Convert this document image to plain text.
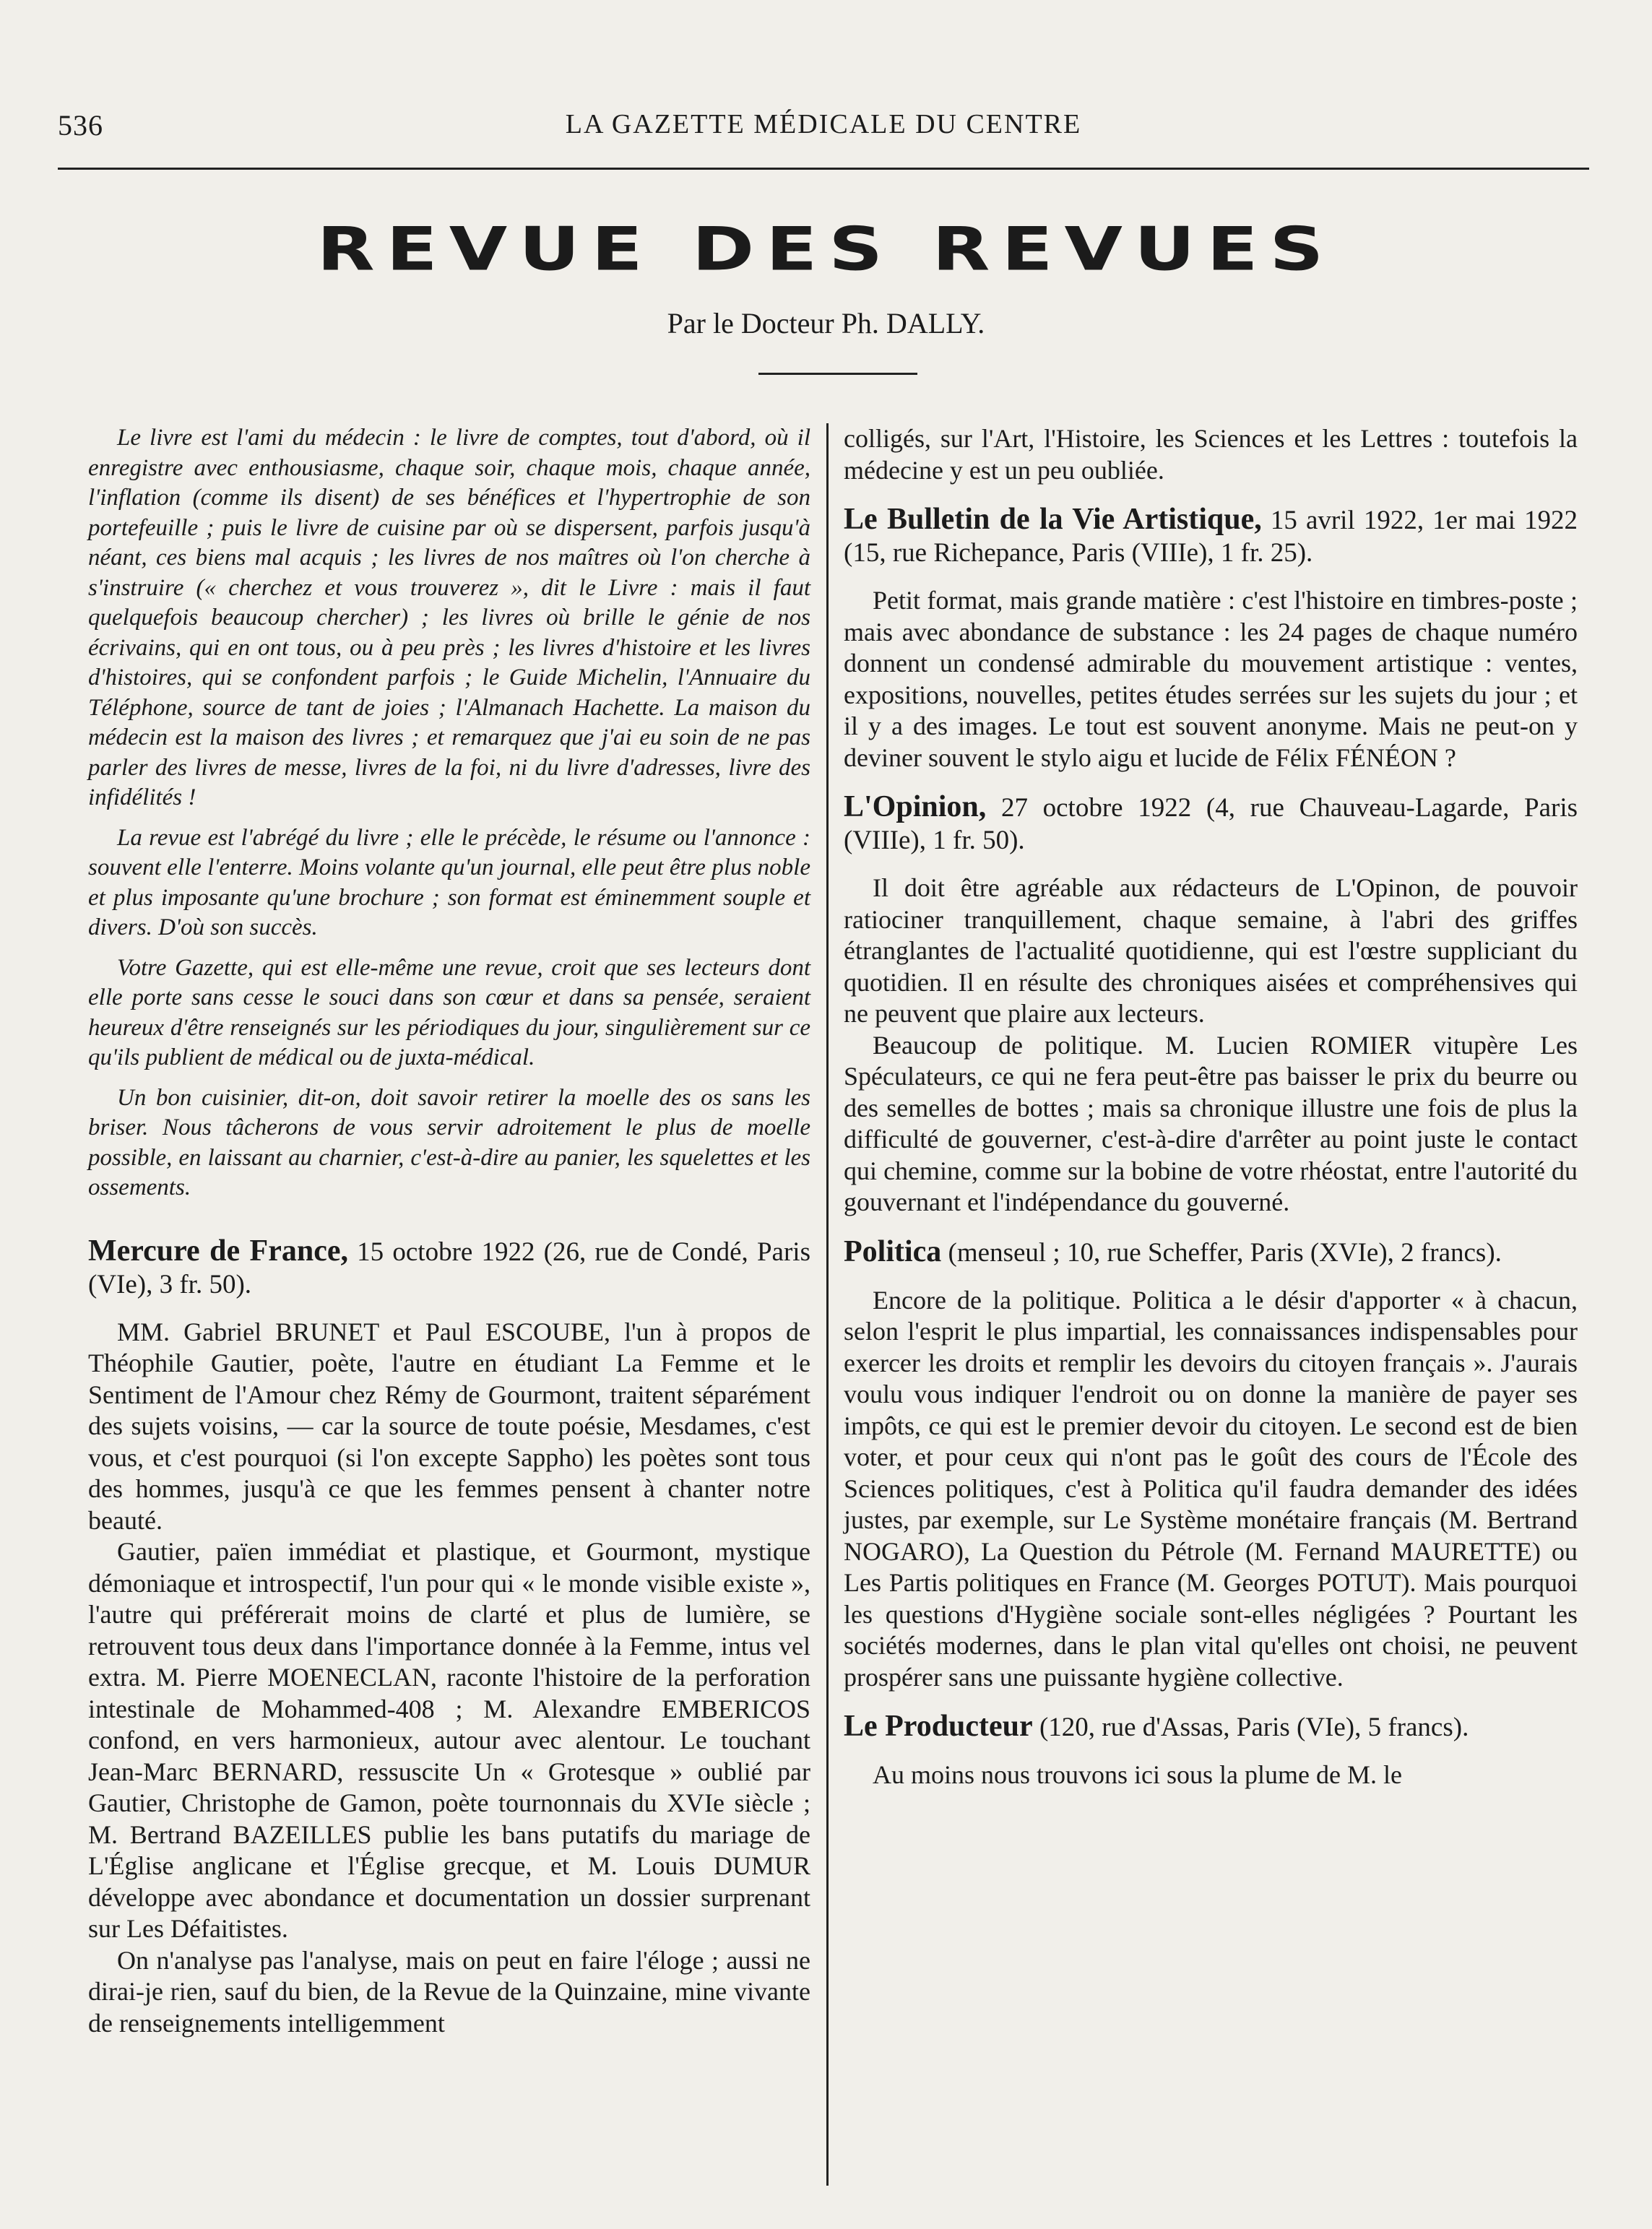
536	LA GAZETTE MÉDICALE DU CENTRE
REVUE DES REVUES
Par le Docteur Ph. DALLY.

Le livre est l'ami du médecin : le livre de comptes, tout d'abord, où il enregistre avec enthousiasme, chaque soir, chaque mois, chaque année, l'inflation (comme ils disent) de ses bénéfices et l'hypertrophie de son portefeuille ; puis le livre de cuisine par où se dispersent, parfois jusqu'à néant, ces biens mal acquis ; les livres de nos maîtres où l'on cherche à s'instruire (« cherchez et vous trouverez », dit le Livre : mais il faut quelquefois beaucoup chercher) ; les livres où brille le génie de nos écrivains, qui en ont tous, ou à peu près ; les livres d'histoire et les livres d'histoires, qui se confondent parfois ; le Guide Michelin, l'Annuaire du Téléphone, source de tant de joies ; l'Almanach Hachette. La maison du médecin est la maison des livres ; et remarquez que j'ai eu soin de ne pas parler des livres de messe, livres de la foi, ni du livre d'adresses, livre des infidélités !

La revue est l'abrégé du livre ; elle le précède, le résume ou l'annonce : souvent elle l'enterre. Moins volante qu'un journal, elle peut être plus noble et plus imposante qu'une brochure ; son format est éminemment souple et divers. D'où son succès.

Votre Gazette, qui est elle-même une revue, croit que ses lecteurs dont elle porte sans cesse le souci dans son cœur et dans sa pensée, seraient heureux d'être renseignés sur les périodiques du jour, singulièrement sur ce qu'ils publient de médical ou de juxta-médical.

Un bon cuisinier, dit-on, doit savoir retirer la moelle des os sans les briser. Nous tâcherons de vous servir adroitement le plus de moelle possible, en laissant au charnier, c'est-à-dire au panier, les squelettes et les ossements.

Mercure de France, 15 octobre 1922 (26, rue de Condé, Paris (VIe), 3 fr. 50).

MM. Gabriel BRUNET et Paul ESCOUBE, l'un à propos de Théophile Gautier, poète, l'autre en étudiant La Femme et le Sentiment de l'Amour chez Rémy de Gourmont, traitent séparément des sujets voisins, — car la source de toute poésie, Mesdames, c'est vous, et c'est pourquoi (si l'on excepte Sappho) les poètes sont tous des hommes, jusqu'à ce que les femmes pensent à chanter notre beauté.

Gautier, païen immédiat et plastique, et Gourmont, mystique démoniaque et introspectif, l'un pour qui « le monde visible existe », l'autre qui préférerait moins de clarté et plus de lumière, se retrouvent tous deux dans l'importance donnée à la Femme, intus vel extra. M. Pierre MOENECLAN, raconte l'histoire de la perforation intestinale de Mohammed-408 ; M. Alexandre EMBERICOS confond, en vers harmonieux, autour avec alentour. Le touchant Jean-Marc BERNARD, ressuscite Un « Grotesque » oublié par Gautier, Christophe de Gamon, poète tournonnais du XVIe siècle ; M. Bertrand BAZEILLES publie les bans putatifs du mariage de L'Église anglicane et l'Église grecque, et M. Louis DUMUR développe avec abondance et documentation un dossier surprenant sur Les Défaitistes.

On n'analyse pas l'analyse, mais on peut en faire l'éloge ; aussi ne dirai-je rien, sauf du bien, de la Revue de la Quinzaine, mine vivante de renseignements intelligemment

colligés, sur l'Art, l'Histoire, les Sciences et les Lettres : toutefois la médecine y est un peu oubliée.

Le Bulletin de la Vie Artistique, 15 avril 1922, 1er mai 1922 (15, rue Richepance, Paris (VIIIe), 1 fr. 25).

Petit format, mais grande matière : c'est l'histoire en timbres-poste ; mais avec abondance de substance : les 24 pages de chaque numéro donnent un condensé admirable du mouvement artistique : ventes, expositions, nouvelles, petites études serrées sur les sujets du jour ; et il y a des images. Le tout est souvent anonyme. Mais ne peut-on y deviner souvent le stylo aigu et lucide de Félix FÉNÉON ?

L'Opinion, 27 octobre 1922 (4, rue Chauveau-Lagarde, Paris (VIIIe), 1 fr. 50).

Il doit être agréable aux rédacteurs de L'Opinon, de pouvoir ratiociner tranquillement, chaque semaine, à l'abri des griffes étranglantes de l'actualité quotidienne, qui est l'œstre suppliciant du quotidien. Il en résulte des chroniques aisées et compréhensives qui ne peuvent que plaire aux lecteurs.

Beaucoup de politique. M. Lucien ROMIER vitupère Les Spéculateurs, ce qui ne fera peut-être pas baisser le prix du beurre ou des semelles de bottes ; mais sa chronique illustre une fois de plus la difficulté de gouverner, c'est-à-dire d'arrêter au point juste le contact qui chemine, comme sur la bobine de votre rhéostat, entre l'autorité du gouvernant et l'indépendance du gouverné.

Politica (menseul ; 10, rue Scheffer, Paris (XVIe), 2 francs).

Encore de la politique. Politica a le désir d'apporter « à chacun, selon l'esprit le plus impartial, les connaissances indispensables pour exercer les droits et remplir les devoirs du citoyen français ». J'aurais voulu vous indiquer l'endroit ou on donne la manière de payer ses impôts, ce qui est le premier devoir du citoyen. Le second est de bien voter, et pour ceux qui n'ont pas le goût des cours de l'École des Sciences politiques, c'est à Politica qu'il faudra demander des idées justes, par exemple, sur Le Système monétaire français (M. Bertrand NOGARO), La Question du Pétrole (M. Fernand MAURETTE) ou Les Partis politiques en France (M. Georges POTUT). Mais pourquoi les questions d'Hygiène sociale sont-elles négligées ? Pourtant les sociétés modernes, dans le plan vital qu'elles ont choisi, ne peuvent prospérer sans une puissante hygiène collective.

Le Producteur (120, rue d'Assas, Paris (VIe), 5 francs).

Au moins nous trouvons ici sous la plume de M. le
